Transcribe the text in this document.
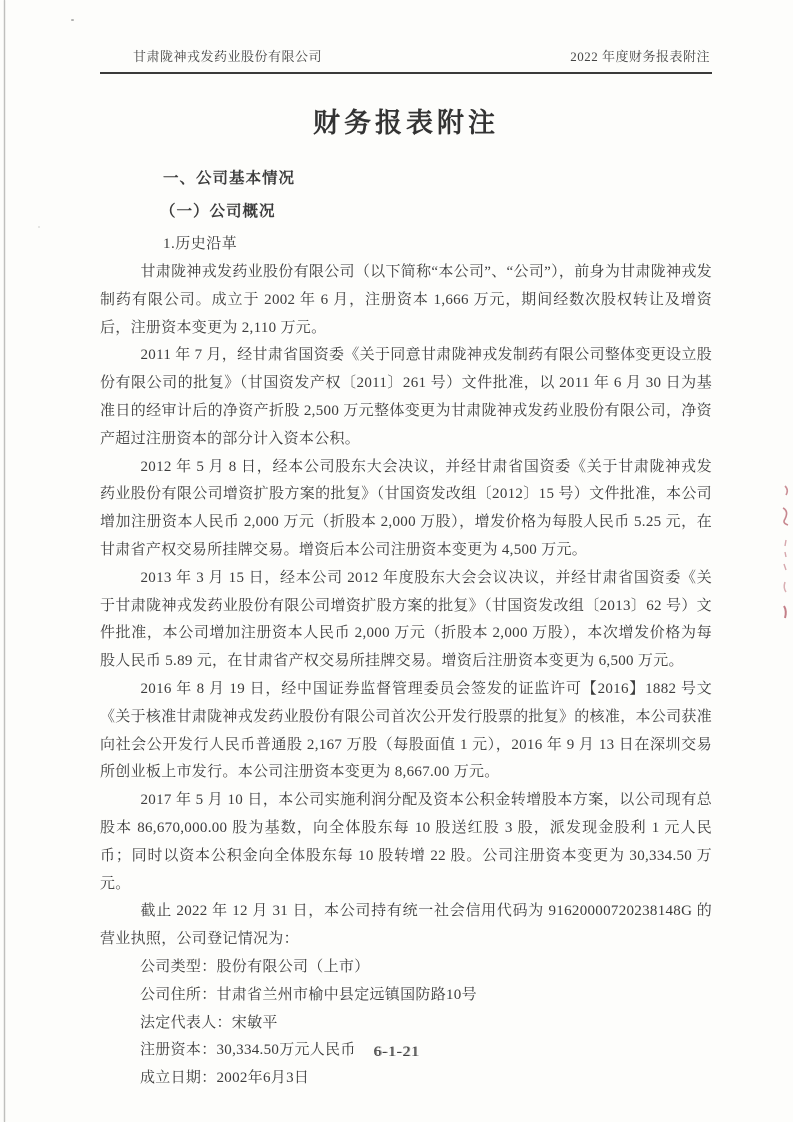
甘肃陇神戎发药业股份有限公司	2022 年度财务报表附注
财务报表附注
一、公司基本情况
（一）公司概况
1.历史沿革

甘肃陇神戎发药业股份有限公司（以下简称“本公司”、“公司”），前身为甘肃陇神戎发制药有限公司。成立于 2002 年 6 月，注册资本 1,666 万元，期间经数次股权转让及增资后，注册资本变更为 2,110 万元。

2011 年 7 月，经甘肃省国资委《关于同意甘肃陇神戎发制药有限公司整体变更设立股份有限公司的批复》（甘国资发产权〔2011〕261 号）文件批准，以 2011 年 6 月 30 日为基准日的经审计后的净资产折股 2,500 万元整体变更为甘肃陇神戎发药业股份有限公司，净资产超过注册资本的部分计入资本公积。

2012 年 5 月 8 日，经本公司股东大会决议，并经甘肃省国资委《关于甘肃陇神戎发药业股份有限公司增资扩股方案的批复》（甘国资发改组〔2012〕15 号）文件批准，本公司增加注册资本人民币 2,000 万元（折股本 2,000 万股），增发价格为每股人民币 5.25 元，在甘肃省产权交易所挂牌交易。增资后本公司注册资本变更为 4,500 万元。

2013 年 3 月 15 日，经本公司 2012 年度股东大会会议决议，并经甘肃省国资委《关于甘肃陇神戎发药业股份有限公司增资扩股方案的批复》（甘国资发改组〔2013〕62 号）文件批准，本公司增加注册资本人民币 2,000 万元（折股本 2,000 万股），本次增发价格为每股人民币 5.89 元，在甘肃省产权交易所挂牌交易。增资后注册资本变更为 6,500 万元。

2016 年 8 月 19 日，经中国证券监督管理委员会签发的证监许可【2016】1882 号文《关于核准甘肃陇神戎发药业股份有限公司首次公开发行股票的批复》的核准，本公司获准向社会公开发行人民币普通股 2,167 万股（每股面值 1 元），2016 年 9 月 13 日在深圳交易所创业板上市发行。本公司注册资本变更为 8,667.00 万元。

2017 年 5 月 10 日，本公司实施利润分配及资本公积金转增股本方案，以公司现有总股本 86,670,000.00 股为基数，向全体股东每 10 股送红股 3 股，派发现金股利 1 元人民币；同时以资本公积金向全体股东每 10 股转增 22 股。公司注册资本变更为 30,334.50 万元。

截止 2022 年 12 月 31 日，本公司持有统一社会信用代码为 91620000720238148G 的营业执照，公司登记情况为：

公司类型：股份有限公司（上市）

公司住所：甘肃省兰州市榆中县定远镇国防路10号

法定代表人：宋敏平

注册资本：30,334.50万元人民币

成立日期：2002年6月3日

6-1-21
